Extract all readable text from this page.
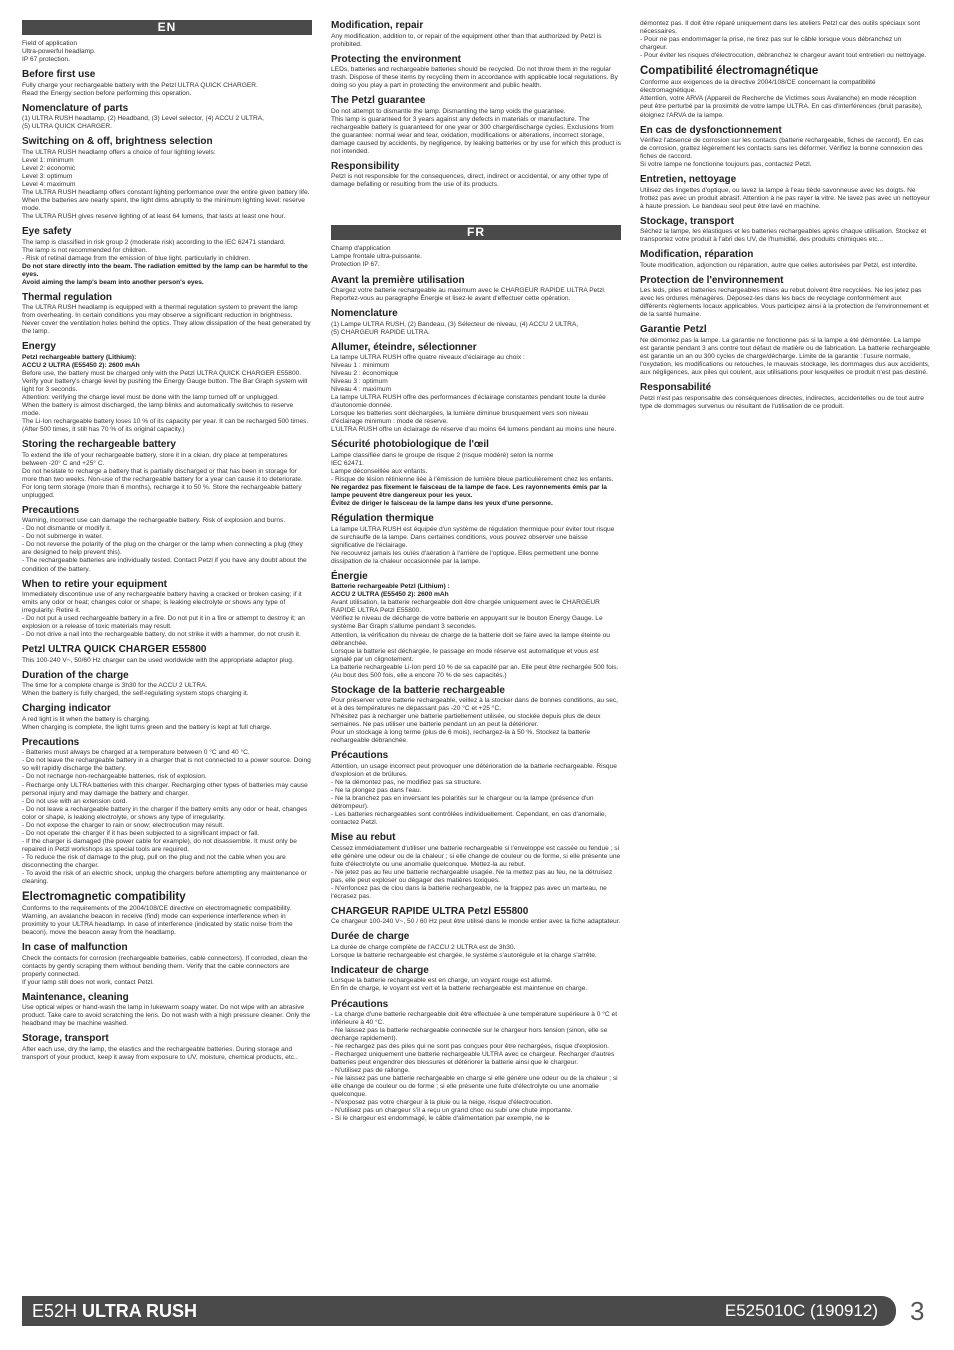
EN

Field of application
Ultra-powerful headlamp.
IP 67 protection.

Before first use

Fully charge your rechargeable battery with the Petzl ULTRA QUICK CHARGER.
Read the Energy section before performing this operation.

Nomenclature of parts

(1) ULTRA RUSH headlamp, (2) Headband, (3) Level selector, (4) ACCU 2 ULTRA,
(5) ULTRA QUICK CHARGER.

Switching on & off, brightness selection

The ULTRA RUSH headlamp offers a choice of four lighting levels:
Level 1: minimum
Level 2: economic
Level 3: optimum
Level 4: maximum
The ULTRA RUSH headlamp offers constant lighting performance over the entire given battery life.
When the batteries are nearly spent, the light dims abruptly to the minimum lighting level: reserve mode.
The ULTRA RUSH gives reserve lighting of at least 64 lumens, that lasts at least one hour.

Eye safety

The lamp is classified in risk group 2 (moderate risk) according to the IEC 62471 standard.
The lamp is not recommended for children.
- Risk of retinal damage from the emission of blue light, particularly in children.

Do not stare directly into the beam. The radiation emitted by the lamp can be harmful to the eyes.
Avoid aiming the lamp's beam into another person's eyes.

Thermal regulation

The ULTRA RUSH headlamp is equipped with a thermal regulation system to prevent the lamp from overheating. In certain conditions you may observe a significant reduction in brightness.
Never cover the ventilation holes behind the optics. They allow dissipation of the heat generated by the lamp.

Energy

Petzl rechargeable battery (Lithium):
ACCU 2 ULTRA (E55450 2): 2600 mAh

Before use, the battery must be charged only with the Petzl ULTRA QUICK CHARGER E55800.
Verify your battery's charge level by pushing the Energy Gauge button. The Bar Graph system will light for 3 seconds.
Attention: verifying the charge level must be done with the lamp turned off or unplugged.
When the battery is almost discharged, the lamp blinks and automatically switches to reserve mode.
The Li-Ion rechargeable battery loses 10 % of its capacity per year. It can be recharged 500 times. (After 500 times, it still has 70 % of its original capacity.)

Storing the rechargeable battery

To extend the life of your rechargeable battery, store it in a clean, dry place at temperatures between -20° C and +25° C.
Do not hesitate to recharge a battery that is partially discharged or that has been in storage for more than two weeks. Non-use of the rechargeable battery for a year can cause it to deteriorate.
For long term storage (more than 6 months), recharge it to 50 %. Store the rechargeable battery unplugged.

Precautions

Warning, incorrect use can damage the rechargeable battery. Risk of explosion and burns.
- Do not dismantle or modify it.
- Do not submerge in water.
- Do not reverse the polarity of the plug on the charger or the lamp when connecting a plug (they are designed to help prevent this).
- The rechargeable batteries are individually tested. Contact Petzl if you have any doubt about the condition of the battery.

When to retire your equipment

Immediately discontinue use of any rechargeable battery having a cracked or broken casing; if it emits any odor or heat; changes color or shape; is leaking electrolyte or shows any type of irregularity. Retire it.
- Do not put a used rechargeable battery in a fire. Do not put it in a fire or attempt to destroy it; an explosion or a release of toxic materials may result.
- Do not drive a nail into the rechargeable battery, do not strike it with a hammer, do not crush it.

Petzl ULTRA QUICK CHARGER E55800

This 100-240 V~, 50/60 Hz charger can be used worldwide with the appropriate adaptor plug.

Duration of the charge

The time for a complete charge is 3h30 for the ACCU 2 ULTRA.
When the battery is fully charged, the self-regulating system stops charging it.

Charging indicator

A red light is lit when the battery is charging.
When charging is complete, the light turns green and the battery is kept at full charge.

Precautions

- Batteries must always be charged at a temperature between 0 °C and 40 °C.
- Do not leave the rechargeable battery in a charger that is not connected to a power source. Doing so will rapidly discharge the battery.
- Do not recharge non-rechargeable batteries, risk of explosion.
- Recharge only ULTRA batteries with this charger. Recharging other types of batteries may cause personal injury and may damage the battery and charger.
- Do not use with an extension cord.
- Do not leave a rechargeable battery in the charger if the battery emits any odor or heat, changes color or shape, is leaking electrolyte, or shows any type of irregularity.
- Do not expose the charger to rain or snow; electrocution may result.
- Do not operate the charger if it has been subjected to a significant impact or fall.
- If the charger is damaged (the power cable for example), do not disassemble. It must only be repaired in Petzl workshops as special tools are required.
- To reduce the risk of damage to the plug, pull on the plug and not the cable when you are disconnecting the charger.
- To avoid the risk of an electric shock, unplug the chargers before attempting any maintenance or cleaning.

Electromagnetic compatibility

Conforms to the requirements of the 2004/108/CE directive on electromagnetic compatibility.
Warning, an avalanche beacon in receive (find) mode can experience interference when in proximity to your ULTRA headlamp. In case of interference (indicated by static noise from the beacon), move the beacon away from the headlamp.

In case of malfunction

Check the contacts for corrosion (rechargeable batteries, cable connectors). If corroded, clean the contacts by gently scraping them without bending them. Verify that the cable connectors are properly connected.
If your lamp still does not work, contact Petzl.

Maintenance, cleaning

Use optical wipes or hand-wash the lamp in lukewarm soapy water. Do not wipe with an abrasive product. Take care to avoid scratching the lens. Do not wash with a high pressure cleaner. Only the headband may be machine washed.

Storage, transport

After each use, dry the lamp, the elastics and the rechargeable batteries. During storage and transport of your product, keep it away from exposure to UV, moisture, chemical products, etc..

Modification, repair

Any modification, addition to, or repair of the equipment other than that authorized by Petzl is prohibited.

Protecting the environment

LEDs, batteries and rechargeable batteries should be recycled. Do not throw them in the regular trash. Dispose of these items by recycling them in accordance with applicable local regulations. By doing so you play a part in protecting the environment and public health.

The Petzl guarantee

Do not attempt to dismantle the lamp. Dismantling the lamp voids the guarantee.
This lamp is guaranteed for 3 years against any defects in materials or manufacture. The rechargeable battery is guaranteed for one year or 300 charge/discharge cycles. Exclusions from the guarantee: normal wear and tear, oxidation, modifications or alterations, incorrect storage, damage caused by accidents, by negligence, by leaking batteries or by use for which this product is not intended.

Responsibility

Petzl is not responsible for the consequences, direct, indirect or accidental, or any other type of damage befalling or resulting from the use of its products.

FR

Champ d'application
Lampe frontale ultra-puissante.
Protection IP 67.

Avant la première utilisation

Chargez votre batterie rechargeable au maximum avec le CHARGEUR RAPIDE ULTRA Petzl. Reportez-vous au paragraphe Énergie et lisez-le avant d'effectuer cette opération.

Nomenclature

(1) Lampe ULTRA RUSH, (2) Bandeau, (3) Sélecteur de niveau, (4) ACCU 2 ULTRA,
(5) CHARGEUR RAPIDE ULTRA.

Allumer, éteindre, sélectionner

La lampe ULTRA RUSH offre quatre niveaux d'éclairage au choix :
Niveau 1 : minimum
Niveau 2 : économique
Niveau 3 : optimum
Niveau 4 : maximum
La lampe ULTRA RUSH offre des performances d'éclairage constantes pendant toute la durée d'autonomie donnée.
Lorsque les batteries sont déchargées, la lumière diminue brusquement vers son niveau d'éclairage minimum : mode de réserve.
L'ULTRA RUSH offre un éclairage de réserve d'au moins 64 lumens pendant au moins une heure.

Sécurité photobiologique de l'œil

Lampe classifiée dans le groupe de risque 2 (risque modéré) selon la norme
IEC 62471.
Lampe déconseillée aux enfants.
- Risque de lésion rétinienne liée à l'émission de lumière bleue particulièrement chez les enfants.

Ne regardez pas fixement le faisceau de la lampe de face. Les rayonnements émis par la lampe peuvent être dangereux pour les yeux.
Évitez de diriger le faisceau de la lampe dans les yeux d'une personne.

Régulation thermique

La lampe ULTRA RUSH est équipée d'un système de régulation thermique pour éviter tout risque de surchauffe de la lampe. Dans certaines conditions, vous pouvez observer une baisse significative de l'éclairage.
Ne recouvrez jamais les ouïes d'aération à l'arrière de l'optique. Elles permettent une bonne dissipation de la chaleur occasionnée par la lampe.

Énergie

Batterie rechargeable Petzl (Lithium) :
ACCU 2 ULTRA (E55450 2): 2600 mAh

Avant utilisation, la batterie rechargeable doit être chargée uniquement avec le CHARGEUR RAPIDE ULTRA Petzl E55800.
Vérifiez le niveau de décharge de votre batterie en appuyant sur le bouton Energy Gauge. Le système Bar Graph s'allume pendant 3 secondes.
Attention, la vérification du niveau de charge de la batterie doit se faire avec la lampe éteinte ou débranchée.
Lorsque la batterie est déchargée, le passage en mode réserve est automatique et vous est signalé par un clignotement.
La batterie rechargeable Li-Ion perd 10 % de sa capacité par an. Elle peut être rechargée 500 fois. (Au bout des 500 fois, elle a encore 70 % de ses capacités.)

Stockage de la batterie rechargeable

Pour préserver votre batterie rechargeable, veillez à la stocker dans de bonnes conditions, au sec, et à des températures ne dépassant pas -20 °C et +25 °C.
N'hésitez pas à recharger une batterie partiellement utilisée, ou stockée depuis plus de deux semaines. Ne pas utiliser une batterie pendant un an peut la détériorer.
Pour un stockage à long terme (plus de 6 mois), rechargez-la à 50 %. Stockez la batterie rechargeable débranchée.

Précautions

Attention, un usage incorrect peut provoquer une détérioration de la batterie rechargeable. Risque d'explosion et de brûlures.
- Ne la démontez pas, ne modifiez pas sa structure.
- Ne la plongez pas dans l'eau.
- Ne la branchez pas en inversant les polarités sur le chargeur ou la lampe (présence d'un détrompeur).
- Les batteries rechargeables sont contrôlées individuellement. Cependant, en cas d'anomalie, contactez Petzl.

Mise au rebut

Cessez immédiatement d'utiliser une batterie rechargeable si l'enveloppe est cassée ou fendue ; si elle génère une odeur ou de la chaleur ; si elle change de couleur ou de forme, si elle présente une fuite d'électrolyte ou une anomalie quelconque. Mettez-la au rebut.
- Ne jetez pas au feu une batterie rechargeable usagée. Ne la mettez pas au feu, ne la détruisez pas, elle peut exploser ou dégager des matières toxiques.
- N'enfoncez pas de clou dans la batterie rechargeable, ne la frappez pas avec un marteau, ne l'écrasez pas.

CHARGEUR RAPIDE ULTRA Petzl E55800

Ce chargeur 100-240 V~, 50 / 60 Hz peut être utilisé dans le monde entier avec la fiche adaptateur.

Durée de charge

La durée de charge complète de l'ACCU 2 ULTRA est de 3h30.
Lorsque la batterie rechargeable est chargée, le système s'autorégule et la charge s'arrête.

Indicateur de charge

Lorsque la batterie rechargeable est en charge, un voyant rouge est allumé.
En fin de charge, le voyant est vert et la batterie rechargeable est maintenue en charge.

Précautions

- La charge d'une batterie rechargeable doit être effectuée à une température supérieure à 0 °C et inférieure à 40 °C.
- Ne laissez pas la batterie rechargeable connectée sur le chargeur hors tension (sinon, elle se décharge rapidement).
- Ne rechargez pas des piles qui ne sont pas conçues pour être rechargées, risque d'explosion.
- Rechargez uniquement une batterie rechargeable ULTRA avec ce chargeur. Recharger d'autres batteries peut engendrer des blessures et détériorer la batterie ainsi que le chargeur.
- N'utilisez pas de rallonge.
- Ne laissez pas une batterie rechargeable en charge si elle génère une odeur ou de la chaleur ; si elle change de couleur ou de forme ; si elle présente une fuite d'électrolyte ou une anomalie quelconque.
- N'exposez pas votre chargeur à la pluie ou la neige, risque d'électrocution.
- N'utilisez pas un chargeur s'il a reçu un grand choc ou subi une chute importante.
- Si le chargeur est endommagé, le câble d'alimentation par exemple, ne le

démontez pas. Il doit être réparé uniquement dans les ateliers Petzl car des outils spéciaux sont nécessaires.
- Pour ne pas endommager la prise, ne tirez pas sur le câble lorsque vous débranchez un chargeur.
- Pour éviter les risques d'électrocution, débranchez le chargeur avant tout entretien ou nettoyage.

Compatibilité électromagnétique

Conforme aux exigences de la directive 2004/108/CE concernant la compatibilité électromagnétique.
Attention, votre ARVA (Appareil de Recherche de Victimes sous Avalanche) en mode réception peut être perturbé par la proximité de votre lampe ULTRA. En cas d'interférences (bruit parasite), éloignez l'ARVA de la lampe.

En cas de dysfonctionnement

Vérifiez l'absence de corrosion sur les contacts (batterie rechargeable, fiches de raccord). En cas de corrosion, grattez légèrement les contacts sans les déformer. Vérifiez la bonne connexion des fiches de raccord.
Si votre lampe ne fonctionne toujours pas, contactez Petzl.

Entretien, nettoyage

Utilisez des lingettes d'optique, ou lavez la lampe à l'eau tiède savonneuse avec les doigts. Ne frottez pas avec un produit abrasif. Attention à ne pas rayer la vitre. Ne lavez pas avec un nettoyeur à haute pression. Le bandeau seul peut être lavé en machine.

Stockage, transport

Séchez la lampe, les élastiques et les batteries rechargeables après chaque utilisation. Stockez et transportez votre produit à l'abri des UV, de l'humidité, des produits chimiques etc...

Modification, réparation

Toute modification, adjonction ou réparation, autre que celles autorisées par Petzl, est interdite.

Protection de l'environnement

Les leds, piles et batteries rechargeables mises au rebut doivent être recyclées. Ne les jetez pas avec les ordures ménagères. Déposez-les dans les bacs de recyclage conformément aux différents règlements locaux applicables. Vous participez ainsi à la protection de l'environnement et de la santé humaine.

Garantie Petzl

Ne démontez pas la lampe. La garantie ne fonctionne pas si la lampe a été démontée. La lampe est garantie pendant 3 ans contre tout défaut de matière ou de fabrication. La batterie rechargeable est garantie un an ou 300 cycles de charge/décharge. Limite de la garantie : l'usure normale, l'oxydation, les modifications ou retouches, le mauvais stockage, les dommages dus aux accidents, aux négligences, aux piles qui coulent, aux utilisations pour lesquelles ce produit n'est pas destiné.

Responsabilité

Petzl n'est pas responsable des conséquences directes, indirectes, accidentelles ou de tout autre type de dommages survenus ou résultant de l'utilisation de ce produit.

E52H ULTRA RUSH	E525010C (190912) 3
